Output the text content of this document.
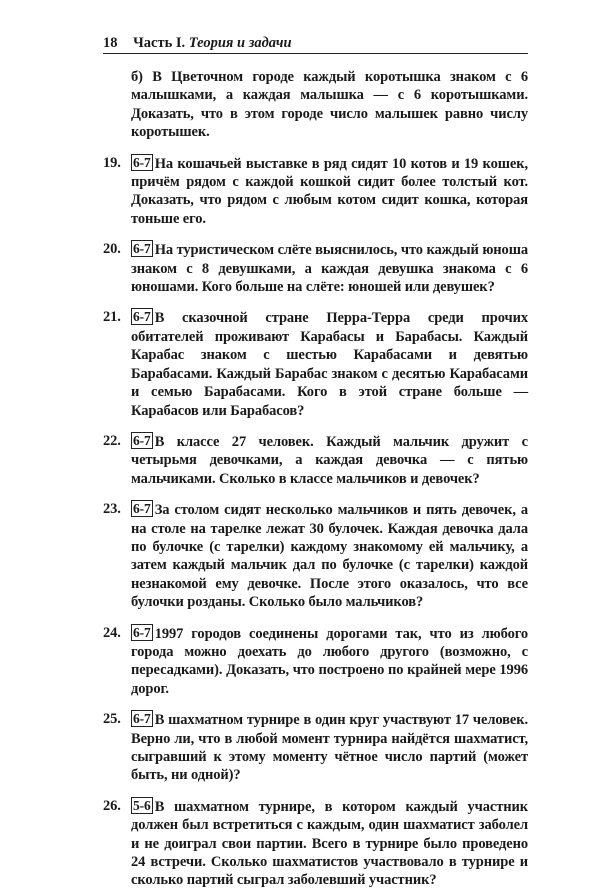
18 Часть I. Теория и задачи
б) В Цветочном городе каждый коротышка знаком с 6 малышками, а каждая малышка — с 6 коротышками. Доказать, что в этом городе число малышек равно числу коротышек.
19. 6-7 На кошачьей выставке в ряд сидят 10 котов и 19 кошек, причём рядом с каждой кошкой сидит более толстый кот. Доказать, что рядом с любым котом сидит кошка, которая тоньше его.
20. 6-7 На туристическом слёте выяснилось, что каждый юноша знаком с 8 девушками, а каждая девушка знакома с 6 юношами. Кого больше на слёте: юношей или девушек?
21. 6-7 В сказочной стране Перра-Терра среди прочих обитателей проживают Карабасы и Барабасы. Каждый Карабас знаком с шестью Карабасами и девятью Барабасами. Каждый Барабас знаком с десятью Карабасами и семью Барабасами. Кого в этой стране больше — Карабасов или Барабасов?
22. 6-7 В классе 27 человек. Каждый мальчик дружит с четырьмя девочками, а каждая девочка — с пятью мальчиками. Сколько в классе мальчиков и девочек?
23. 6-7 За столом сидят несколько мальчиков и пять девочек, а на столе на тарелке лежат 30 булочек. Каждая девочка дала по булочке (с тарелки) каждому знакомому ей мальчику, а затем каждый мальчик дал по булочке (с тарелки) каждой незнакомой ему девочке. После этого оказалось, что все булочки розданы. Сколько было мальчиков?
24. 6-7 1997 городов соединены дорогами так, что из любого города можно доехать до любого другого (возможно, с пересадками). Доказать, что построено по крайней мере 1996 дорог.
25. 6-7 В шахматном турнире в один круг участвуют 17 человек. Верно ли, что в любой момент турнира найдётся шахматист, сыгравший к этому моменту чётное число партий (может быть, ни одной)?
26. 5-6 В шахматном турнире, в котором каждый участник должен был встретиться с каждым, один шахматист заболел и не доиграл свои партии. Всего в турнире было проведено 24 встречи. Сколько шахматистов участвовало в турнире и сколько партий сыграл заболевший участник?
